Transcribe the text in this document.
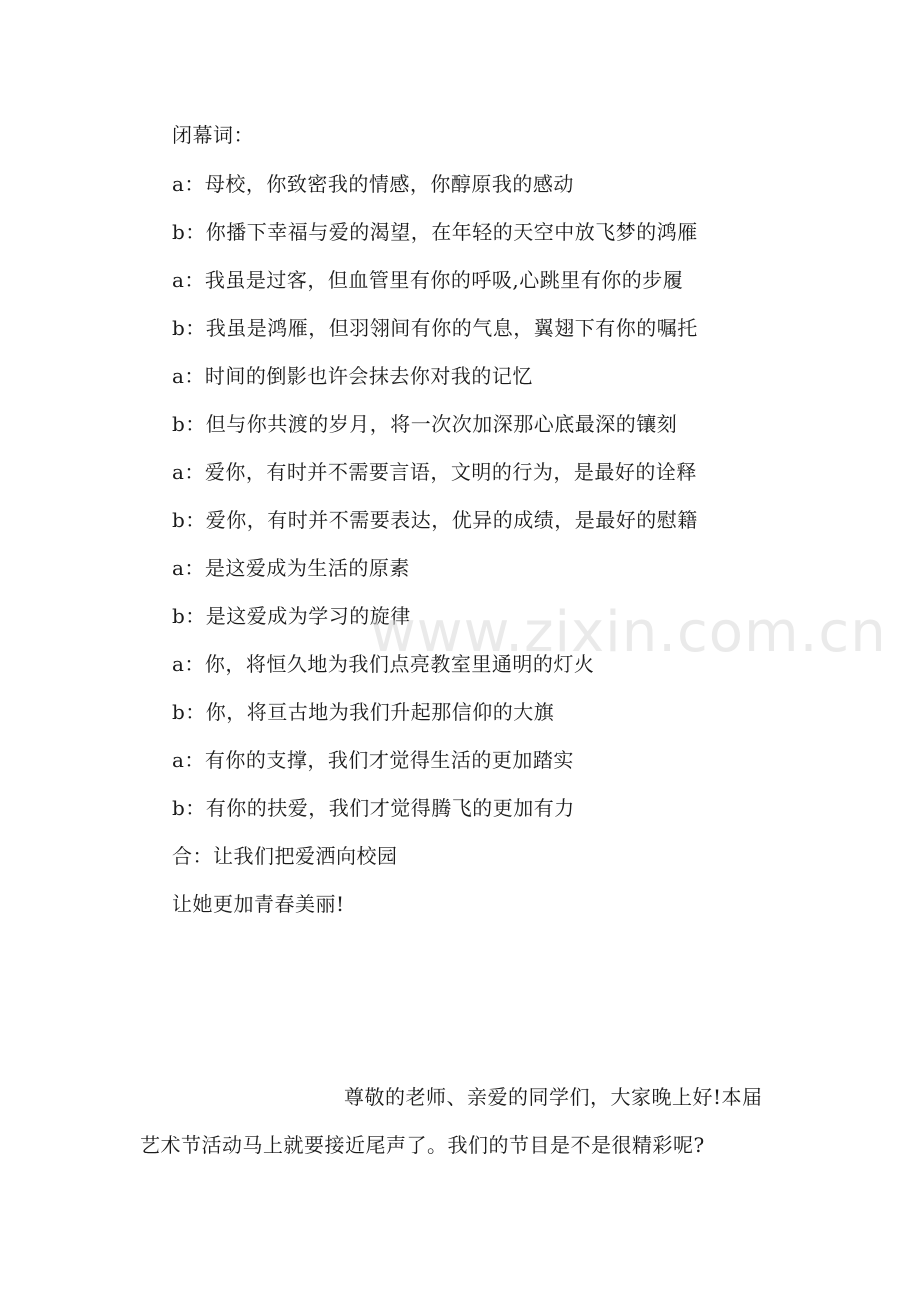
闭幕词：
a：母校，你致密我的情感，你醇原我的感动
b：你播下幸福与爱的渴望，在年轻的天空中放飞梦的鸿雁
a：我虽是过客，但血管里有你的呼吸,心跳里有你的步履
b：我虽是鸿雁，但羽翎间有你的气息，翼翅下有你的嘱托
a：时间的倒影也许会抹去你对我的记忆
b：但与你共渡的岁月，将一次次加深那心底最深的镶刻
a：爱你，有时并不需要言语，文明的行为，是最好的诠释
b：爱你，有时并不需要表达，优异的成绩，是最好的慰籍
a：是这爱成为生活的原素
b：是这爱成为学习的旋律
a：你，将恒久地为我们点亮教室里通明的灯火
b：你，将亘古地为我们升起那信仰的大旗
a：有你的支撑，我们才觉得生活的更加踏实
b：有你的扶爱，我们才觉得腾飞的更加有力
合：让我们把爱洒向校园
让她更加青春美丽!
尊敬的老师、亲爱的同学们，大家晚上好!本届
艺术节活动马上就要接近尾声了。我们的节目是不是很精彩呢?
www.zixin.com.cn
